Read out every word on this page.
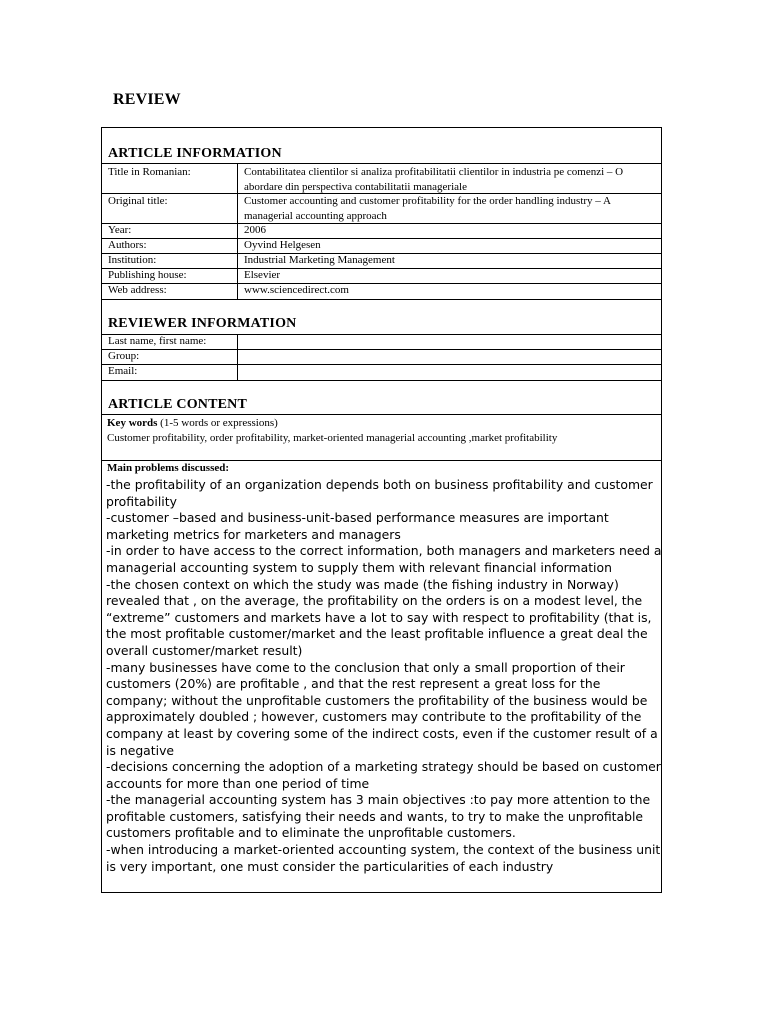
REVIEW
ARTICLE INFORMATION
Title in Romanian:	Contabilitatea clientilor si analiza profitabilitatii clientilor in industria pe comenzi – O abordare din perspectiva contabilitatii manageriale
Original title:	Customer accounting and customer profitability for the order handling industry – A managerial accounting approach
Year:	2006
Authors:	Oyvind Helgesen
Institution:	Industrial Marketing Management
Publishing house:	Elsevier
Web address:	www.sciencedirect.com
REVIEWER INFORMATION
Last name, first name:
Group:
Email:
ARTICLE CONTENT
Key words (1-5 words or expressions)
Customer profitability, order profitability, market-oriented managerial accounting ,market profitability
Main problems discussed:

-the profitability of an organization depends both on business profitability and customer profitability

-customer –based and business-unit-based performance measures are important marketing metrics for marketers and managers

-in order to have access to the correct information, both managers and marketers need a managerial accounting system to supply them with relevant financial information

-the chosen context on which the study was made (the fishing industry in Norway) revealed that , on the average, the profitability on the orders is on a modest level, the “extreme” customers and markets have a lot to say with respect to profitability (that is, the most profitable customer/market and the least profitable influence a great deal the overall customer/market result)

-many businesses have come to the conclusion that only a small proportion of their customers (20%) are profitable , and that the rest represent a great loss for the company; without the unprofitable customers the profitability of the business would be approximately doubled ; however, customers may contribute to the profitability of the company at least by covering some of the indirect costs, even if the customer result of a is negative

-decisions concerning the adoption of a marketing strategy should be based on customer accounts for more than one period of time

-the managerial accounting system has 3 main objectives :to pay more attention to the profitable customers, satisfying their needs and wants, to try to make the unprofitable customers profitable and to eliminate the unprofitable customers.

-when introducing a market-oriented accounting system, the context of the business unit is very important, one must consider the particularities of each industry
